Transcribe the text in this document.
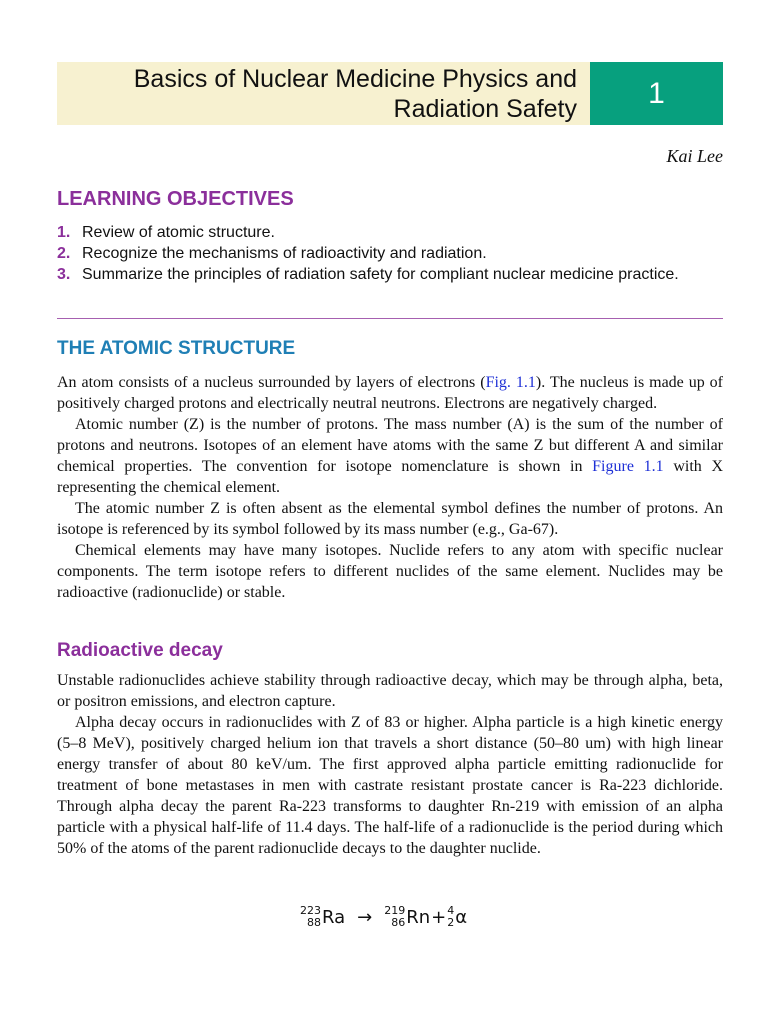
Basics of Nuclear Medicine Physics and
Radiation Safety	1
Kai Lee
LEARNING OBJECTIVES
1. Review of atomic structure.
2. Recognize the mechanisms of radioactivity and radiation.
3. Summarize the principles of radiation safety for compliant nuclear medicine practice.
THE ATOMIC STRUCTURE

An atom consists of a nucleus surrounded by layers of electrons (Fig. 1.1). The nucleus is made up of positively charged protons and electrically neutral neutrons. Electrons are negatively charged.

Atomic number (Z) is the number of protons. The mass number (A) is the sum of the number of protons and neutrons. Isotopes of an element have atoms with the same Z but different A and similar chemical properties. The convention for isotope nomenclature is shown in Figure 1.1 with X representing the chemical element.

The atomic number Z is often absent as the elemental symbol defines the number of protons. An isotope is referenced by its symbol followed by its mass number (e.g., Ga-67).

Chemical elements may have many isotopes. Nuclide refers to any atom with specific nuclear components. The term isotope refers to different nuclides of the same element. Nuclides may be radioactive (radionuclide) or stable.

Radioactive decay

Unstable radionuclides achieve stability through radioactive decay, which may be through alpha, beta, or positron emissions, and electron capture.

Alpha decay occurs in radionuclides with Z of 83 or higher. Alpha particle is a high kinetic energy (5–8 MeV), positively charged helium ion that travels a short distance (50–80 um) with high linear energy transfer of about 80 keV/um. The first approved alpha particle emitting radionuclide for treatment of bone metastases in men with castrate resistant prostate cancer is Ra-223 dichloride. Through alpha decay the parent Ra-223 transforms to daughter Rn-219 with emission of an alpha particle with a physical half-life of 11.4 days. The half-life of a radionuclide is the period during which 50% of the atoms of the parent radionuclide decays to the daughter nuclide.

223
88 Ra → 219
86 Rn + 4
2 α
